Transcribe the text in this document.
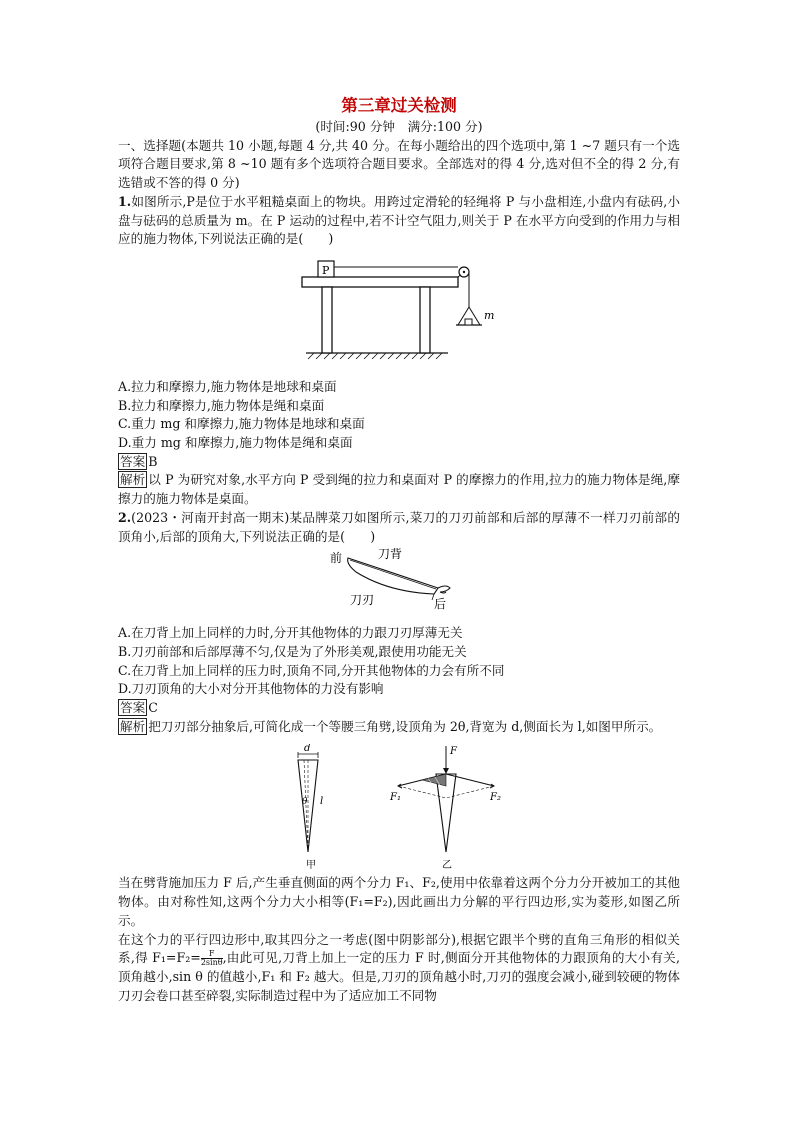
第三章过关检测
(时间:90 分钟　满分:100 分)

一、选择题(本题共 10 小题,每题 4 分,共 40 分。在每小题给出的四个选项中,第 1 ~7 题只有一个选项符合题目要求,第 8 ~10 题有多个选项符合题目要求。全部选对的得 4 分,选对但不全的得 2 分,有选错或不答的得 0 分)

1.如图所示,P是位于水平粗糙桌面上的物块。用跨过定滑轮的轻绳将 P 与小盘相连,小盘内有砝码,小盘与砝码的总质量为 m。在 P 运动的过程中,若不计空气阻力,则关于 P 在水平方向受到的作用力与相应的施力物体,下列说法正确的是(　　)

P
m
A.拉力和摩擦力,施力物体是地球和桌面
B.拉力和摩擦力,施力物体是绳和桌面
C.重力 mg 和摩擦力,施力物体是地球和桌面
D.重力 mg 和摩擦力,施力物体是绳和桌面

答案 B

解析 以 P 为研究对象,水平方向 P 受到绳的拉力和桌面对 P 的摩擦力的作用,拉力的施力物体是绳,摩擦力的施力物体是桌面。

2.(2023・河南开封高一期末)某品牌菜刀如图所示,菜刀的刀刃前部和后部的厚薄不一样刀刃前部的顶角小,后部的顶角大,下列说法正确的是(　　)

前	刀背
刀刃	后
A.在刀背上加上同样的力时,分开其他物体的力跟刀刃厚薄无关
B.刀刃前部和后部厚薄不匀,仅是为了外形美观,跟使用功能无关
C.在刀背上加上同样的压力时,顶角不同,分开其他物体的力会有所不同
D.刀刃顶角的大小对分开其他物体的力没有影响

答案 C

解析 把刀刃部分抽象后,可简化成一个等腰三角劈,设顶角为 2θ,背宽为 d,侧面长为 l,如图甲所示。

d
θ l
甲
F
F₁	F₂
乙

当在劈背施加压力 F 后,产生垂直侧面的两个分力 F₁、F₂,使用中依靠着这两个分力分开被加工的其他物体。由对称性知,这两个分力大小相等(F₁=F₂),因此画出力分解的平行四边形,实为菱形,如图乙所示。

在这个力的平行四边形中,取其四分之一考虑(图中阴影部分),根据它跟半个劈的直角三角形的相似关系,得 $F_1=F_2= \frac{F}{2\sin\theta}$ ,由此可见,刀背上加上一定的压力 F 时,侧面分开其他物体的力跟顶角的大小有关,顶角越小,sin θ 的值越小,F₁ 和 F₂ 越大。但是,刀刃的顶角越小时,刀刃的强度会减小,碰到较硬的物体刀刃会卷口甚至碎裂,实际制造过程中为了适应加工不同物
